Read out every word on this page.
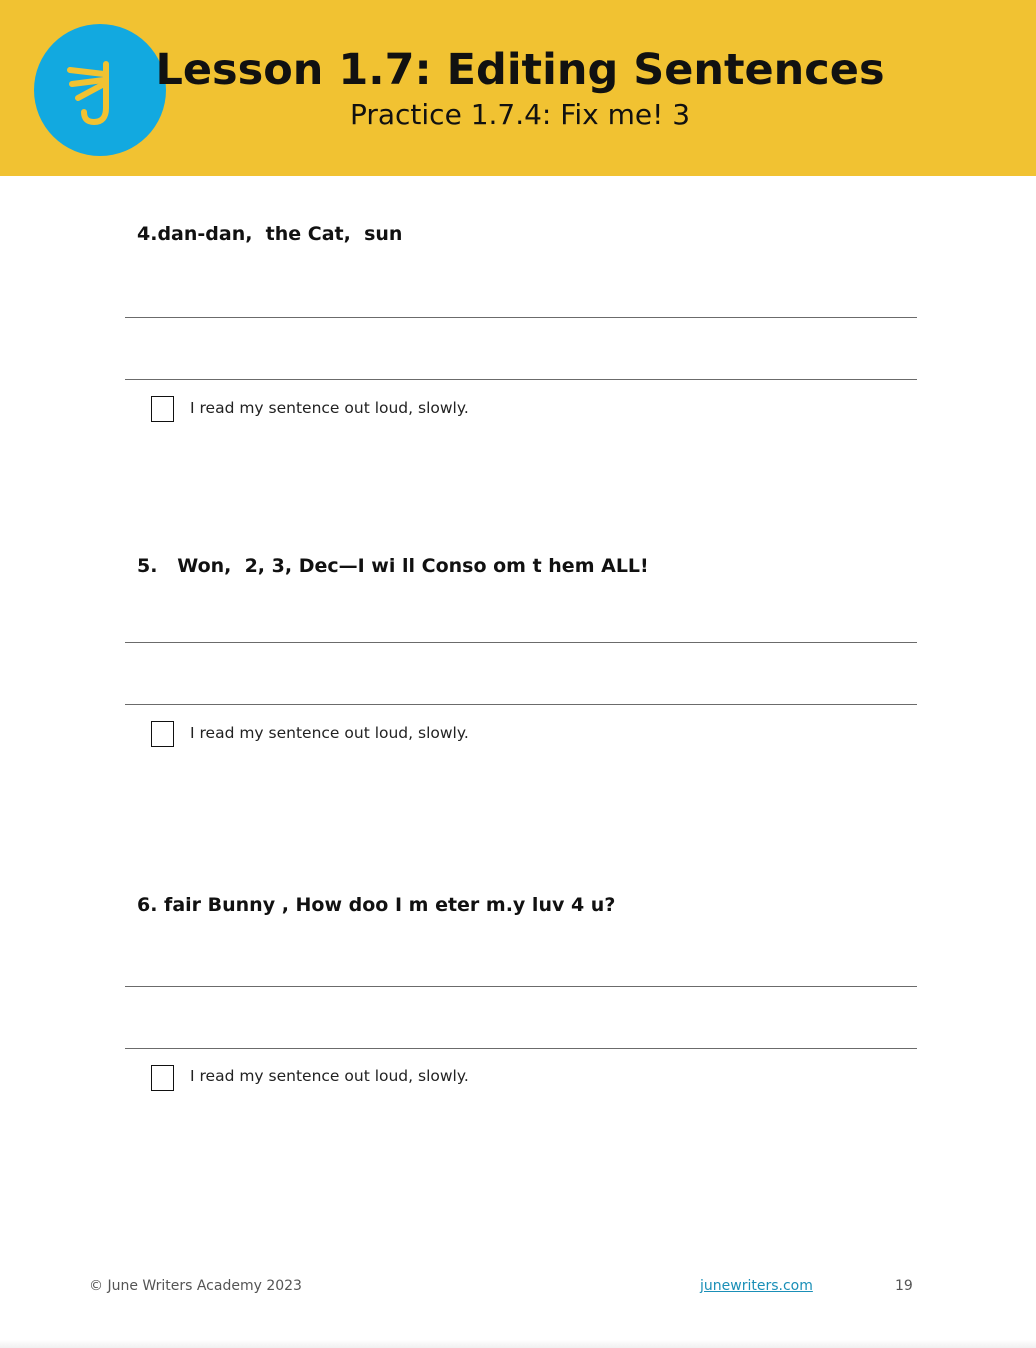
Lesson 1.7: Editing Sentences
Practice 1.7.4: Fix me! 3
4.dan-dan,  the Cat,  sun
I read my sentence out loud, slowly.
5.   Won,  2, 3, Dec—I wi ll Conso om t hem ALL!
I read my sentence out loud, slowly.
6. fair Bunny , How doo I m eter m.y luv 4 u?
I read my sentence out loud, slowly.
© June Writers Academy 2023	junewriters.com	19
